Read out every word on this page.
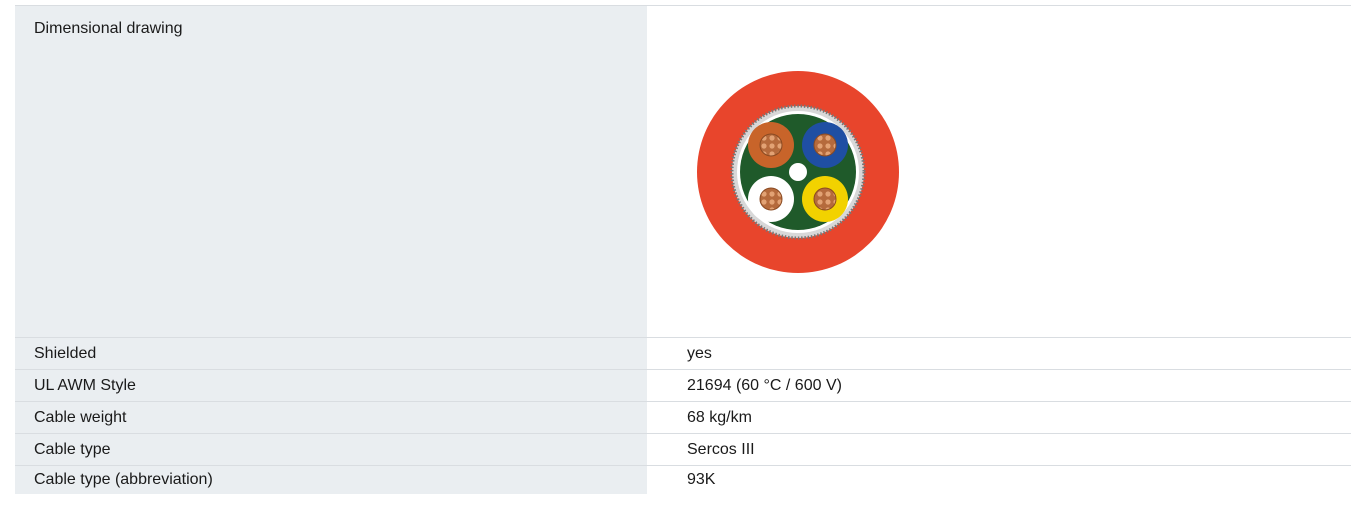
Dimensional drawing
Shielded	yes
UL AWM Style	21694 (60 °C / 600 V)
Cable weight	68 kg/km
Cable type	Sercos III
Cable type (abbreviation)	93K
